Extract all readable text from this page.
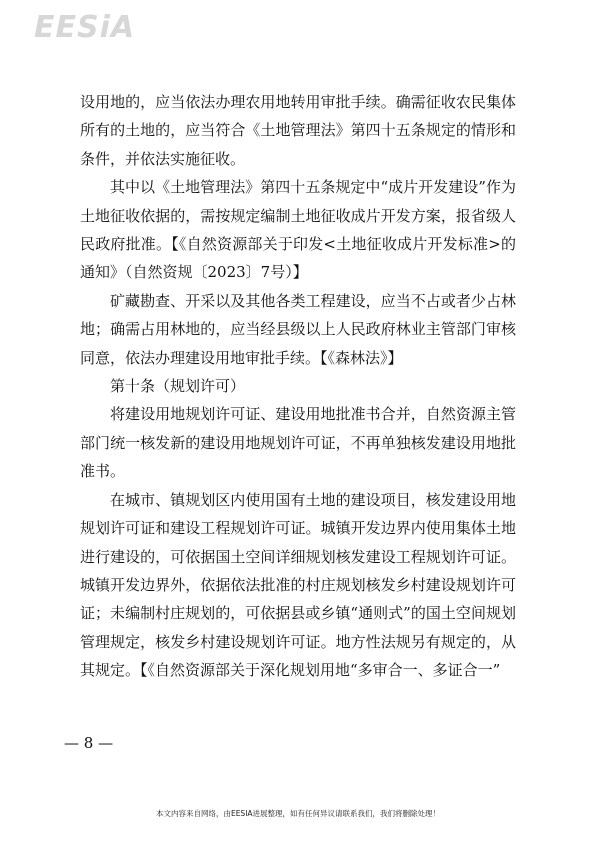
EESiA

设用地的，应当依法办理农用地转用审批手续。确需征收农民集体所有的土地的，应当符合《土地管理法》第四十五条规定的情形和条件，并依法实施征收。

其中以《土地管理法》第四十五条规定中“成片开发建设”作为土地征收依据的，需按规定编制土地征收成片开发方案，报省级人民政府批准。【《自然资源部关于印发<土地征收成片开发标准>的通知》（自然资规〔2023〕7号）】

矿藏勘查、开采以及其他各类工程建设，应当不占或者少占林地；确需占用林地的，应当经县级以上人民政府林业主管部门审核同意，依法办理建设用地审批手续。【《森林法》】

第十条（规划许可）

将建设用地规划许可证、建设用地批准书合并，自然资源主管部门统一核发新的建设用地规划许可证，不再单独核发建设用地批准书。

在城市、镇规划区内使用国有土地的建设项目，核发建设用地规划许可证和建设工程规划许可证。城镇开发边界内使用集体土地进行建设的，可依据国土空间详细规划核发建设工程规划许可证。城镇开发边界外，依据依法批准的村庄规划核发乡村建设规划许可证；未编制村庄规划的，可依据县或乡镇“通则式”的国土空间规划管理规定，核发乡村建设规划许可证。地方性法规另有规定的，从其规定。【《自然资源部关于深化规划用地“多审合一、多证合一”

— 8 —
本文内容来自网络，由EESIA进展整理，如有任何异议请联系我们，我们将删除处理！
